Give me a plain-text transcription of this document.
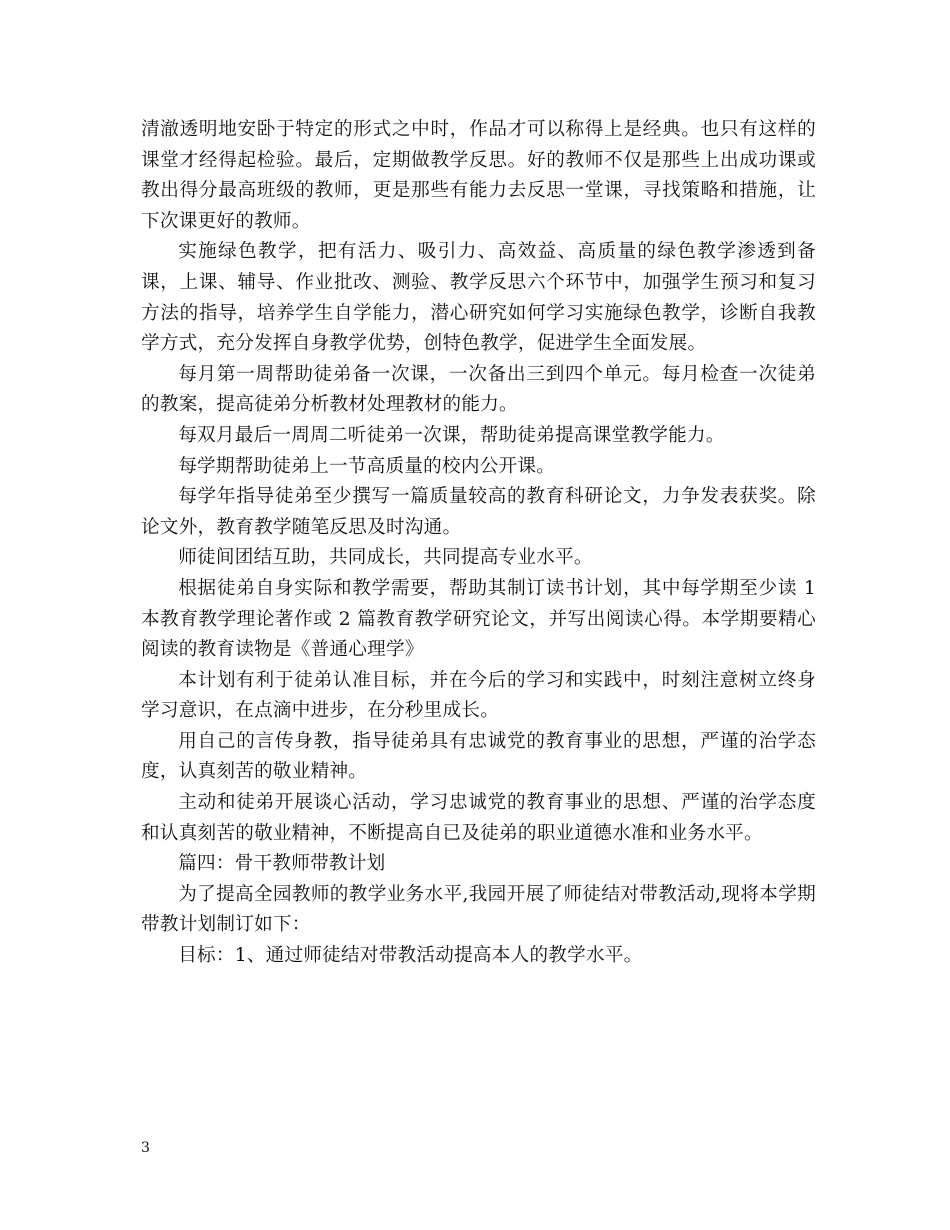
清澈透明地安卧于特定的形式之中时，作品才可以称得上是经典。也只有这样的课堂才经得起检验。最后，定期做教学反思。好的教师不仅是那些上出成功课或教出得分最高班级的教师，更是那些有能力去反思一堂课，寻找策略和措施，让下次课更好的教师。

实施绿色教学，把有活力、吸引力、高效益、高质量的绿色教学渗透到备课，上课、辅导、作业批改、测验、教学反思六个环节中，加强学生预习和复习方法的指导，培养学生自学能力，潜心研究如何学习实施绿色教学，诊断自我教学方式，充分发挥自身教学优势，创特色教学，促进学生全面发展。

每月第一周帮助徒弟备一次课，一次备出三到四个单元。每月检查一次徒弟的教案，提高徒弟分析教材处理教材的能力。

每双月最后一周周二听徒弟一次课，帮助徒弟提高课堂教学能力。

每学期帮助徒弟上一节高质量的校内公开课。

每学年指导徒弟至少撰写一篇质量较高的教育科研论文，力争发表获奖。除论文外，教育教学随笔反思及时沟通。

师徒间团结互助，共同成长，共同提高专业水平。

根据徒弟自身实际和教学需要，帮助其制订读书计划，其中每学期至少读 1 本教育教学理论著作或 2 篇教育教学研究论文，并写出阅读心得。本学期要精心阅读的教育读物是《普通心理学》

本计划有利于徒弟认准目标，并在今后的学习和实践中，时刻注意树立终身学习意识，在点滴中进步，在分秒里成长。

用自己的言传身教，指导徒弟具有忠诚党的教育事业的思想，严谨的治学态度，认真刻苦的敬业精神。

主动和徒弟开展谈心活动，学习忠诚党的教育事业的思想、严谨的治学态度和认真刻苦的敬业精神，不断提高自已及徒弟的职业道德水准和业务水平。

篇四：骨干教师带教计划

为了提高全园教师的教学业务水平,我园开展了师徒结对带教活动,现将本学期带教计划制订如下：

目标：1、通过师徒结对带教活动提高本人的教学水平。

3
